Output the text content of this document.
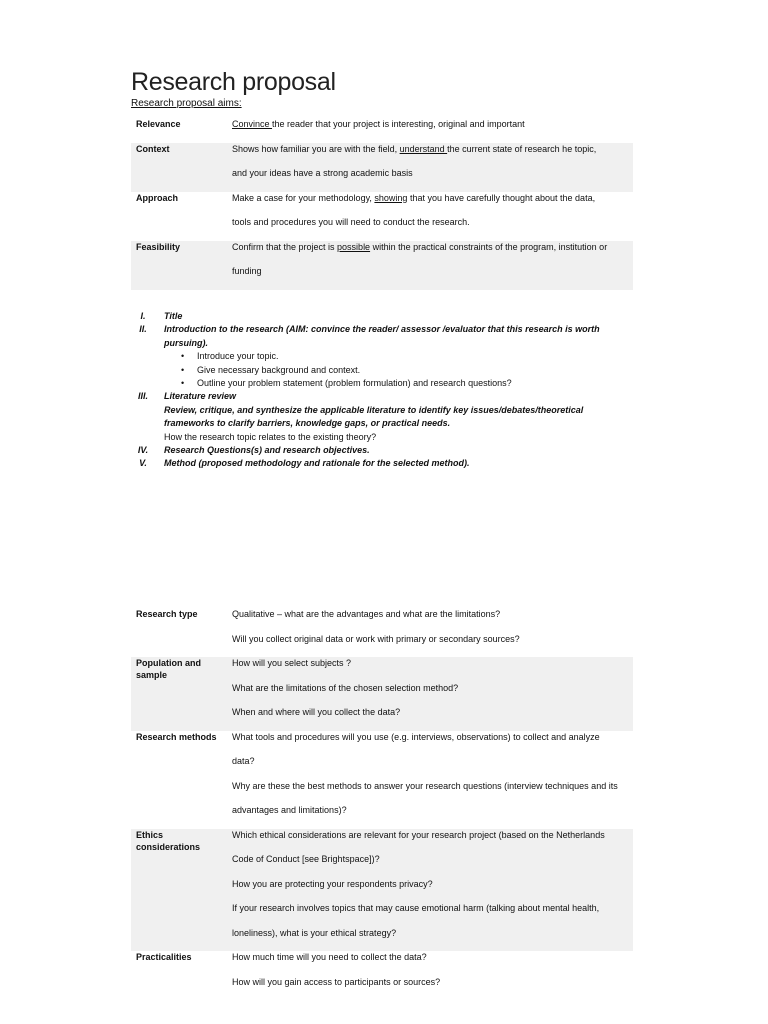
Research proposal
Research proposal aims:
Relevance	Convince the reader that your project is interesting, original and important

Context	Shows how familiar you are with the field, understand the current state of research he topic,
and your ideas have a strong academic basis

Approach	Make a case for your methodology, showing that you have carefully thought about the data,
tools and procedures you will need to conduct the research.

Feasibility	Confirm that the project is possible within the practical constraints of the program, institution or
funding
I.	Title
II.	Introduction to the research (AIM: convince the reader/ assessor /evaluator that this research is worth pursuing).
• Introduce your topic.
• Give necessary background and context.
• Outline your problem statement (problem formulation) and research questions?
III.	Literature review
Review, critique, and synthesize the applicable literature to identify key issues/debates/theoretical frameworks to clarify barriers, knowledge gaps, or practical needs.
How the research topic relates to the existing theory?
IV.	Research Questions(s) and research objectives.
V.	Method (proposed methodology and rationale for the selected method).
Research type	Qualitative – what are the advantages and what are the limitations?
Will you collect original data or work with primary or secondary sources?

Population and sample	How will you select subjects ?
What are the limitations of the chosen selection method?
When and where will you collect the data?

Research methods	What tools and procedures will you use (e.g. interviews, observations) to collect and analyze
data?
Why are these the best methods to answer your research questions (interview techniques and its
advantages and limitations)?

Ethics considerations	Which ethical considerations are relevant for your research project (based on the Netherlands
Code of Conduct [see Brightspace])?
How you are protecting your respondents privacy?
If your research involves topics that may cause emotional harm (talking about mental health,
loneliness), what is your ethical strategy?

Practicalities	How much time will you need to collect the data?
How will you gain access to participants or sources?
